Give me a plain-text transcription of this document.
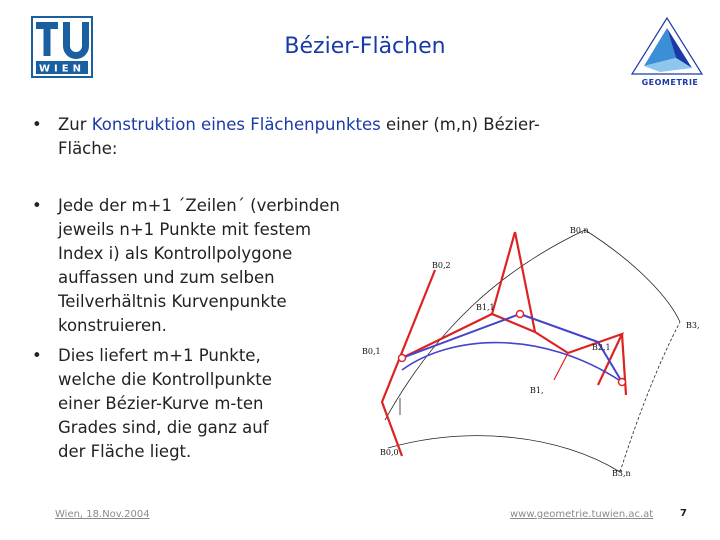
WIEN
Bézier-Flächen
GEOMETRIE
• Zur Konstruktion eines Flächenpunktes einer (m,n) Bézier-
Fläche:
• Jede der m+1 ´Zeilen´ (verbinden
jeweils n+1 Punkte mit festem
Index i) als Kontrollpolygone
auffassen und zum selben
Teilverhältnis Kurvenpunkte
konstruieren.
• Dies liefert m+1 Punkte,
welche die Kontrollpunkte
einer Bézier-Kurve m-ten
Grades sind, die ganz auf
der Fläche liegt.
B0,n
B0,2
B1,1
B0,1
B1,
B2,1
B3,
B0,0
B3,n
Wien, 18.Nov.2004	www.geometrie.tuwien.ac.at	7
